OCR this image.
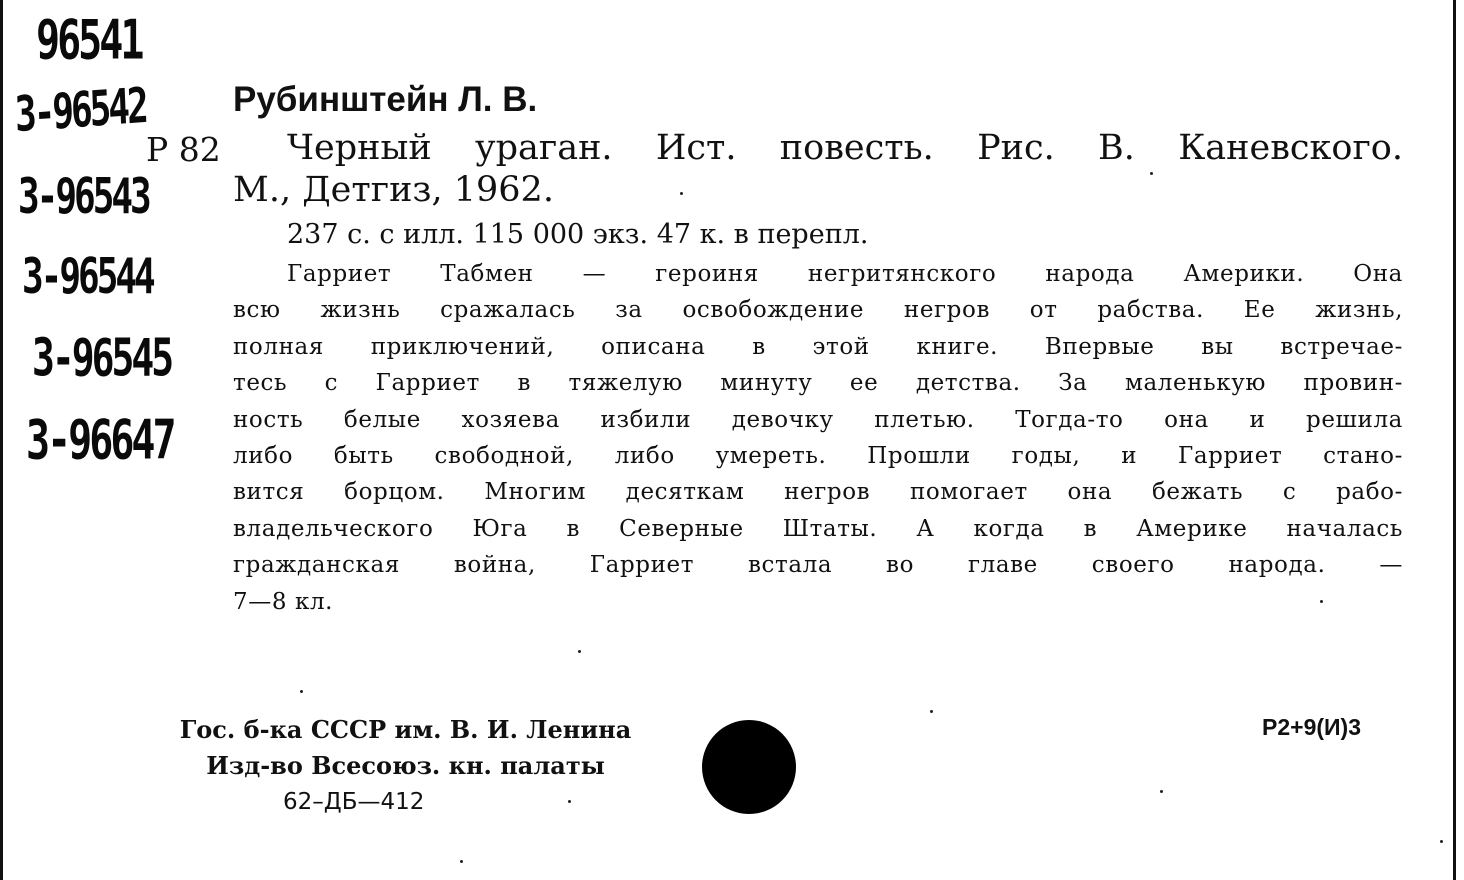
96541
3-96542
3-96543
3-96544
3-96545
3-96647
Рубинштейн Л. В.
Р 82 Черный ураган. Ист. повесть. Рис. В. Каневского.
М., Детгиз, 1962.
237 с. с илл. 115 000 экз. 47 к. в перепл.
Гарриет Табмен — героиня негритянского народа Америки. Она
всю жизнь сражалась за освобождение негров от рабства. Ее жизнь,
полная приключений, описана в этой книге. Впервые вы встречае-
тесь с Гарриет в тяжелую минуту ее детства. За маленькую провин-
ность белые хозяева избили девочку плетью. Тогда-то она и решила
либо быть свободной, либо умереть. Прошли годы, и Гарриет стано-
вится борцом. Многим десяткам негров помогает она бежать с рабо-
владельческого Юга в Северные Штаты. А когда в Америке началась
гражданская война, Гарриет встала во главе своего народа. —
7—8 кл.
Гос. б-ка СССР им. В. И. Ленина
Изд-во Всесоюз. кн. палаты
62–ДБ—412
Р2+9(И)3
